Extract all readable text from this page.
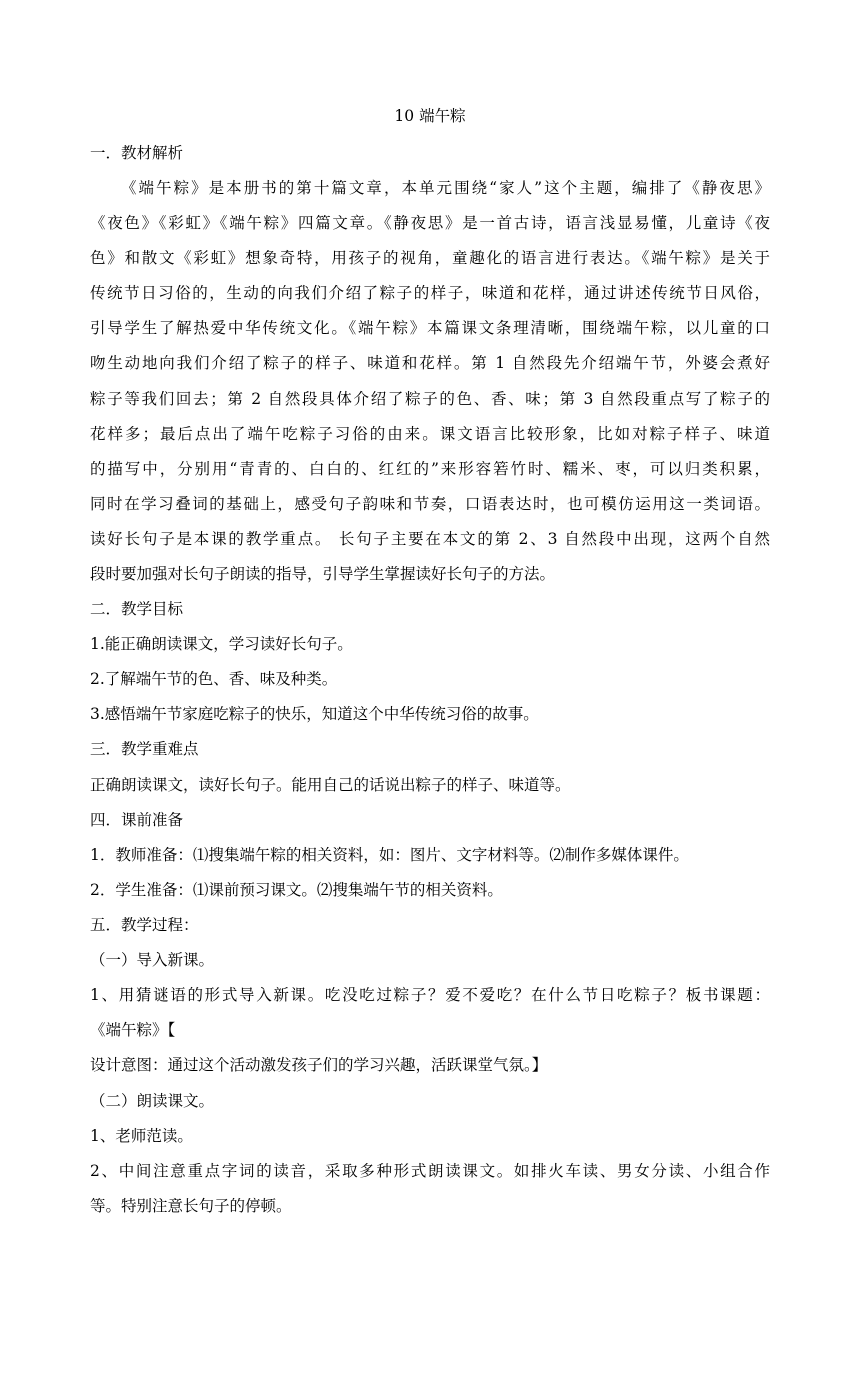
10 端午粽
一．教材解析
《端午粽》是本册书的第十篇文章，本单元围绕“家人”这个主题，编排了《静夜思》
《夜色》《彩虹》《端午粽》四篇文章。《静夜思》是一首古诗，语言浅显易懂，儿童诗《夜
色》和散文《彩虹》想象奇特，用孩子的视角，童趣化的语言进行表达。《端午粽》是关于
传统节日习俗的，生动的向我们介绍了粽子的样子，味道和花样，通过讲述传统节日风俗，
引导学生了解热爱中华传统文化。《端午粽》本篇课文条理清晰，围绕端午粽，以儿童的口
吻生动地向我们介绍了粽子的样子、味道和花样。第 1 自然段先介绍端午节，外婆会煮好
粽子等我们回去；第 2 自然段具体介绍了粽子的色、香、味；第 3 自然段重点写了粽子的
花样多；最后点出了端午吃粽子习俗的由来。课文语言比较形象，比如对粽子样子、味道
的描写中，分别用“青青的、白白的、红红的”来形容箬竹时、糯米、枣，可以归类积累，
同时在学习叠词的基础上，感受句子韵味和节奏，口语表达时，也可模仿运用这一类词语。
读好长句子是本课的教学重点。 长句子主要在本文的第 2、3 自然段中出现，这两个自然
段时要加强对长句子朗读的指导，引导学生掌握读好长句子的方法。
二．教学目标
1.能正确朗读课文，学习读好长句子。
2.了解端午节的色、香、味及种类。
3.感悟端午节家庭吃粽子的快乐，知道这个中华传统习俗的故事。
三．教学重难点
正确朗读课文，读好长句子。能用自己的话说出粽子的样子、味道等。
四．课前准备
1．教师准备：⑴搜集端午粽的相关资料，如：图片、文字材料等。⑵制作多媒体课件。
2．学生准备：⑴课前预习课文。⑵搜集端午节的相关资料。
五．教学过程：
（一）导入新课。
1、用猜谜语的形式导入新课。吃没吃过粽子？爱不爱吃？在什么节日吃粽子？板书课题：
《端午粽》【
设计意图：通过这个活动激发孩子们的学习兴趣，活跃课堂气氛。】
（二）朗读课文。
1、老师范读。
2、中间注意重点字词的读音，采取多种形式朗读课文。如排火车读、男女分读、小组合作
等。特别注意长句子的停顿。
